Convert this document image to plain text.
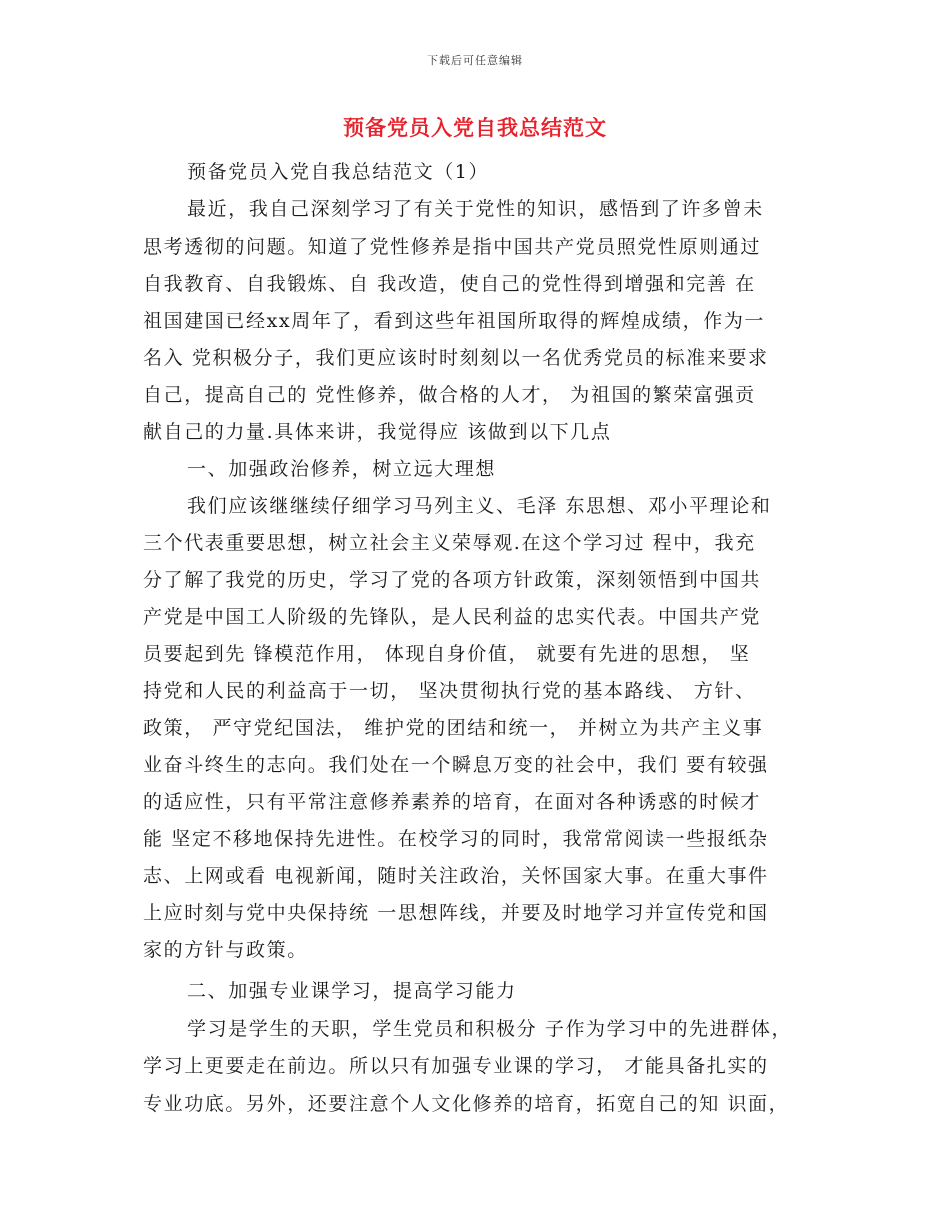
下载后可任意编辑
预备党员入党自我总结范文
预备党员入党自我总结范文（1）
最近，我自己深刻学习了有关于党性的知识，感悟到了许多曾未
思考透彻的问题。知道了党性修养是指中国共产党员照党性原则通过
自我教育、自我锻炼、自 我改造，使自己的党性得到增强和完善 在
祖国建国已经xx周年了，看到这些年祖国所取得的辉煌成绩，作为一
名入 党积极分子，我们更应该时时刻刻以一名优秀党员的标准来要求
自己，提高自己的 党性修养，做合格的人才， 为祖国的繁荣富强贡
献自己的力量.具体来讲，我觉得应 该做到以下几点
一、加强政治修养，树立远大理想
我们应该继继续仔细学习马列主义、毛泽 东思想、邓小平理论和
三个代表重要思想，树立社会主义荣辱观.在这个学习过 程中，我充
分了解了我党的历史，学习了党的各项方针政策，深刻领悟到中国共
产党是中国工人阶级的先锋队，是人民利益的忠实代表。中国共产党
员要起到先 锋模范作用， 体现自身价值， 就要有先进的思想， 坚
持党和人民的利益高于一切， 坚决贯彻执行党的基本路线、 方针、
政策， 严守党纪国法， 维护党的团结和统一， 并树立为共产主义事
业奋斗终生的志向。我们处在一个瞬息万变的社会中，我们 要有较强
的适应性，只有平常注意修养素养的培育，在面对各种诱惑的时候才
能 坚定不移地保持先进性。在校学习的同时，我常常阅读一些报纸杂
志、上网或看 电视新闻，随时关注政治，关怀国家大事。在重大事件
上应时刻与党中央保持统 一思想阵线，并要及时地学习并宣传党和国
家的方针与政策。
二、加强专业课学习，提高学习能力
学习是学生的天职，学生党员和积极分 子作为学习中的先进群体，
学习上更要走在前边。所以只有加强专业课的学习， 才能具备扎实的
专业功底。另外，还要注意个人文化修养的培育，拓宽自己的知 识面，
